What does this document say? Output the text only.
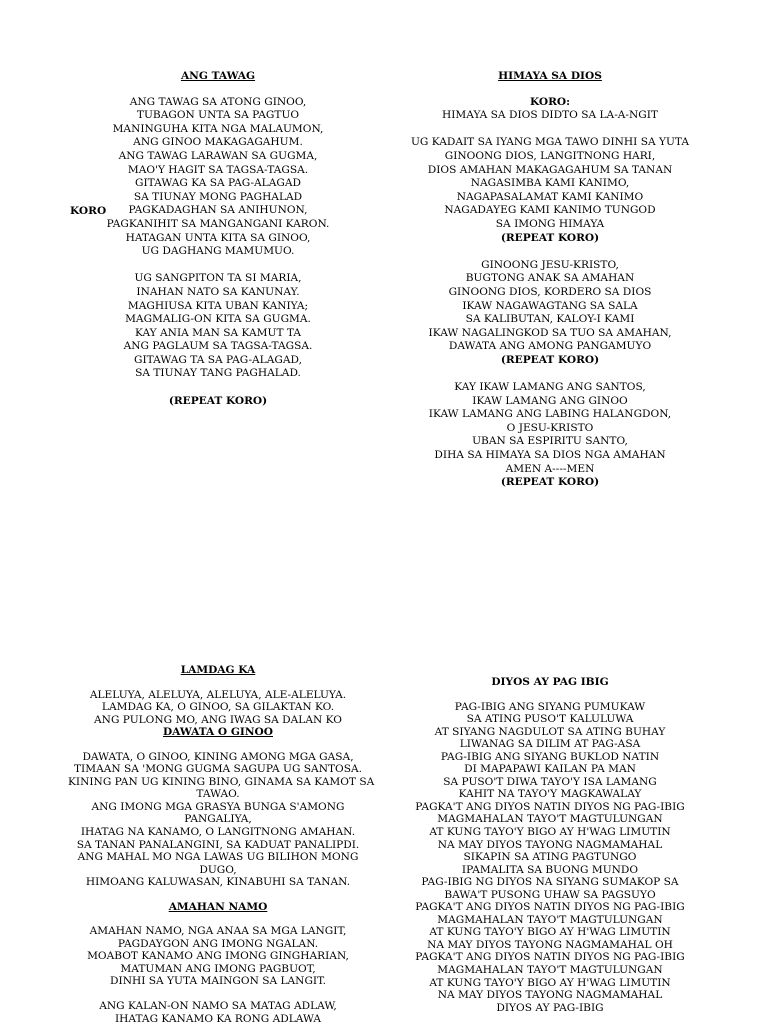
ANG TAWAG
ANG TAWAG SA ATONG GINOO,
TUBAGON UNTA SA PAGTUO
MANINGUHA KITA NGA MALAUMON,
ANG GINOO MAKAGAGAHUM.
ANG TAWAG LARAWAN SA GUGMA,
MAO'Y HAGIT SA TAGSA-TAGSA.
GITAWAG KA SA PAG-ALAGAD
SA TIUNAY MONG PAGHALAD
PAGKADAGHAN SA ANIHUNON,
PAGKANIHIT SA MANGANGANI KARON.
HATAGAN UNTA KITA SA GINOO,
UG DAGHANG MAMUMUO.
UG SANGPITON TA SI MARIA,
INAHAN NATO SA KANUNAY.
MAGHIUSA KITA UBAN KANIYA;
MAGMALIG-ON KITA SA GUGMA.
KAY ANIA MAN SA KAMUT TA
ANG PAGLAUM SA TAGSA-TAGSA.
GITAWAG TA SA PAG-ALAGAD,
SA TIUNAY TANG PAGHALAD.
(REPEAT KORO)
KORO
HIMAYA SA DIOS
KORO:
HIMAYA SA DIOS DIDTO SA LA-A-NGIT
UG KADAIT SA IYANG MGA TAWO DINHI SA YUTA
GINOONG DIOS, LANGITNONG HARI,
DIOS AMAHAN MAKAGAGAHUM SA TANAN
NAGASIMBA KAMI KANIMO,
NAGAPASALAMAT KAMI KANIMO
NAGADAYEG KAMI KANIMO TUNGOD
SA IMONG HIMAYA
(REPEAT KORO)
GINOONG JESU-KRISTO,
BUGTONG ANAK SA AMAHAN
GINOONG DIOS, KORDERO SA DIOS
IKAW NAGAWAGTANG SA SALA
SA KALIBUTAN, KALOY-I KAMI
IKAW NAGALINGKOD SA TUO SA AMAHAN,
DAWATA ANG AMONG PANGAMUYO
(REPEAT KORO)
KAY IKAW LAMANG ANG SANTOS,
IKAW LAMANG ANG GINOO
IKAW LAMANG ANG LABING HALANGDON,
O JESU-KRISTO
UBAN SA ESPIRITU SANTO,
DIHA SA HIMAYA SA DIOS NGA AMAHAN
AMEN A----MEN
(REPEAT KORO)
LAMDAG KA
ALELUYA, ALELUYA, ALELUYA, ALE-ALELUYA.
LAMDAG KA, O GINOO, SA GILAKTAN KO.
ANG PULONG MO, ANG IWAG SA DALAN KO
DAWATA O GINOO
DAWATA, O GINOO, KINING AMONG MGA GASA,
TIMAAN SA 'MONG GUGMA SAGUPA UG SANTOSA.
KINING PAN UG KINING BINO, GINAMA SA KAMOT SA
TAWAO.
ANG IMONG MGA GRASYA BUNGA S'AMONG
PANGALIYA,
IHATAG NA KANAMO, O LANGITNONG AMAHAN.
SA TANAN PANALANGINI, SA KADUAT PANALIPDI.
ANG MAHAL MO NGA LAWAS UG BILIHON MONG
DUGO,
HIMOANG KALUWASAN, KINABUHI SA TANAN.
AMAHAN NAMO
AMAHAN NAMO, NGA ANAA SA MGA LANGIT,
PAGDAYGON ANG IMONG NGALAN.
MOABOT KANAMO ANG IMONG GINGHARIAN,
MATUMAN ANG IMONG PAGBUOT,
DINHI SA YUTA MAINGON SA LANGIT.
ANG KALAN-ON NAMO SA MATAG ADLAW,
IHATAG KANAMO KA RONG ADLAWA
DIYOS AY PAG IBIG
PAG-IBIG ANG SIYANG PUMUKAW
SA ATING PUSO'T KALULUWA
AT SIYANG NAGDULOT SA ATING BUHAY
LIWANAG SA DILIM AT PAG-ASA
PAG-IBIG ANG SIYANG BUKLOD NATIN
DI MAPAPAWI KAILAN PA MAN
SA PUSO'T DIWA TAYO'Y ISA LAMANG
KAHIT NA TAYO'Y MAGKAWALAY
PAGKA'T ANG DIYOS NATIN DIYOS NG PAG-IBIG
MAGMAHALAN TAYO'T MAGTULUNGAN
AT KUNG TAYO'Y BIGO AY H'WAG LIMUTIN
NA MAY DIYOS TAYONG NAGMAMAHAL
SIKAPIN SA ATING PAGTUNGO
IPAMALITA SA BUONG MUNDO
PAG-IBIG NG DIYOS NA SIYANG SUMAKOP SA
BAWA'T PUSONG UHAW SA PAGSUYO
PAGKA'T ANG DIYOS NATIN DIYOS NG PAG-IBIG
MAGMAHALAN TAYO'T MAGTULUNGAN
AT KUNG TAYO'Y BIGO AY H'WAG LIMUTIN
NA MAY DIYOS TAYONG NAGMAMAHAL OH
PAGKA'T ANG DIYOS NATIN DIYOS NG PAG-IBIG
MAGMAHALAN TAYO'T MAGTULUNGAN
AT KUNG TAYO'Y BIGO AY H'WAG LIMUTIN
NA MAY DIYOS TAYONG NAGMAMAHAL
DIYOS AY PAG-IBIG
